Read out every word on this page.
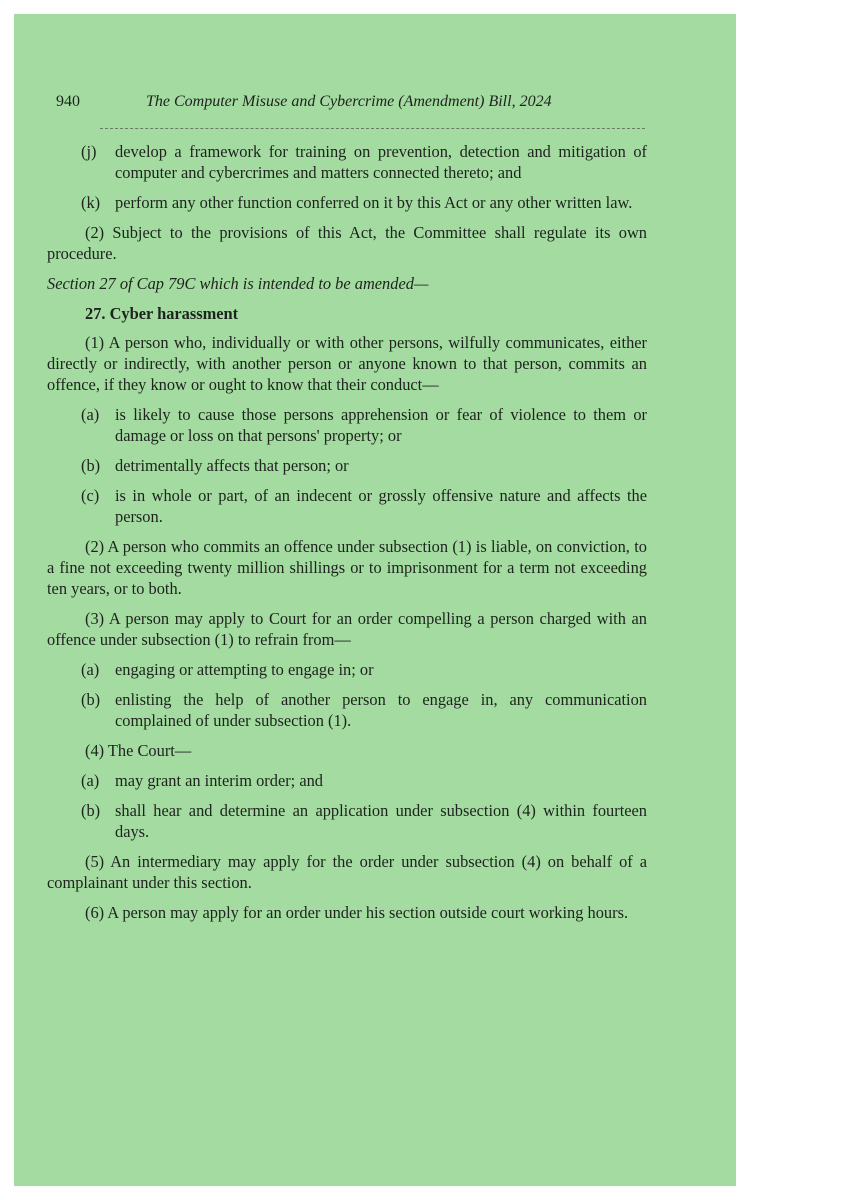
940	The Computer Misuse and Cybercrime (Amendment) Bill, 2024
(j) develop a framework for training on prevention, detection and mitigation of computer and cybercrimes and matters connected thereto; and
(k) perform any other function conferred on it by this Act or any other written law.
(2) Subject to the provisions of this Act, the Committee shall regulate its own procedure.
Section 27 of Cap 79C which is intended to be amended—
27. Cyber harassment
(1) A person who, individually or with other persons, wilfully communicates, either directly or indirectly, with another person or anyone known to that person, commits an offence, if they know or ought to know that their conduct—
(a) is likely to cause those persons apprehension or fear of violence to them or damage or loss on that persons' property; or
(b) detrimentally affects that person; or
(c) is in whole or part, of an indecent or grossly offensive nature and affects the person.
(2) A person who commits an offence under subsection (1) is liable, on conviction, to a fine not exceeding twenty million shillings or to imprisonment for a term not exceeding ten years, or to both.
(3) A person may apply to Court for an order compelling a person charged with an offence under subsection (1) to refrain from—
(a) engaging or attempting to engage in; or
(b) enlisting the help of another person to engage in, any communication complained of under subsection (1).
(4) The Court—
(a) may grant an interim order; and
(b) shall hear and determine an application under subsection (4) within fourteen days.
(5) An intermediary may apply for the order under subsection (4) on behalf of a complainant under this section.
(6) A person may apply for an order under his section outside court working hours.
